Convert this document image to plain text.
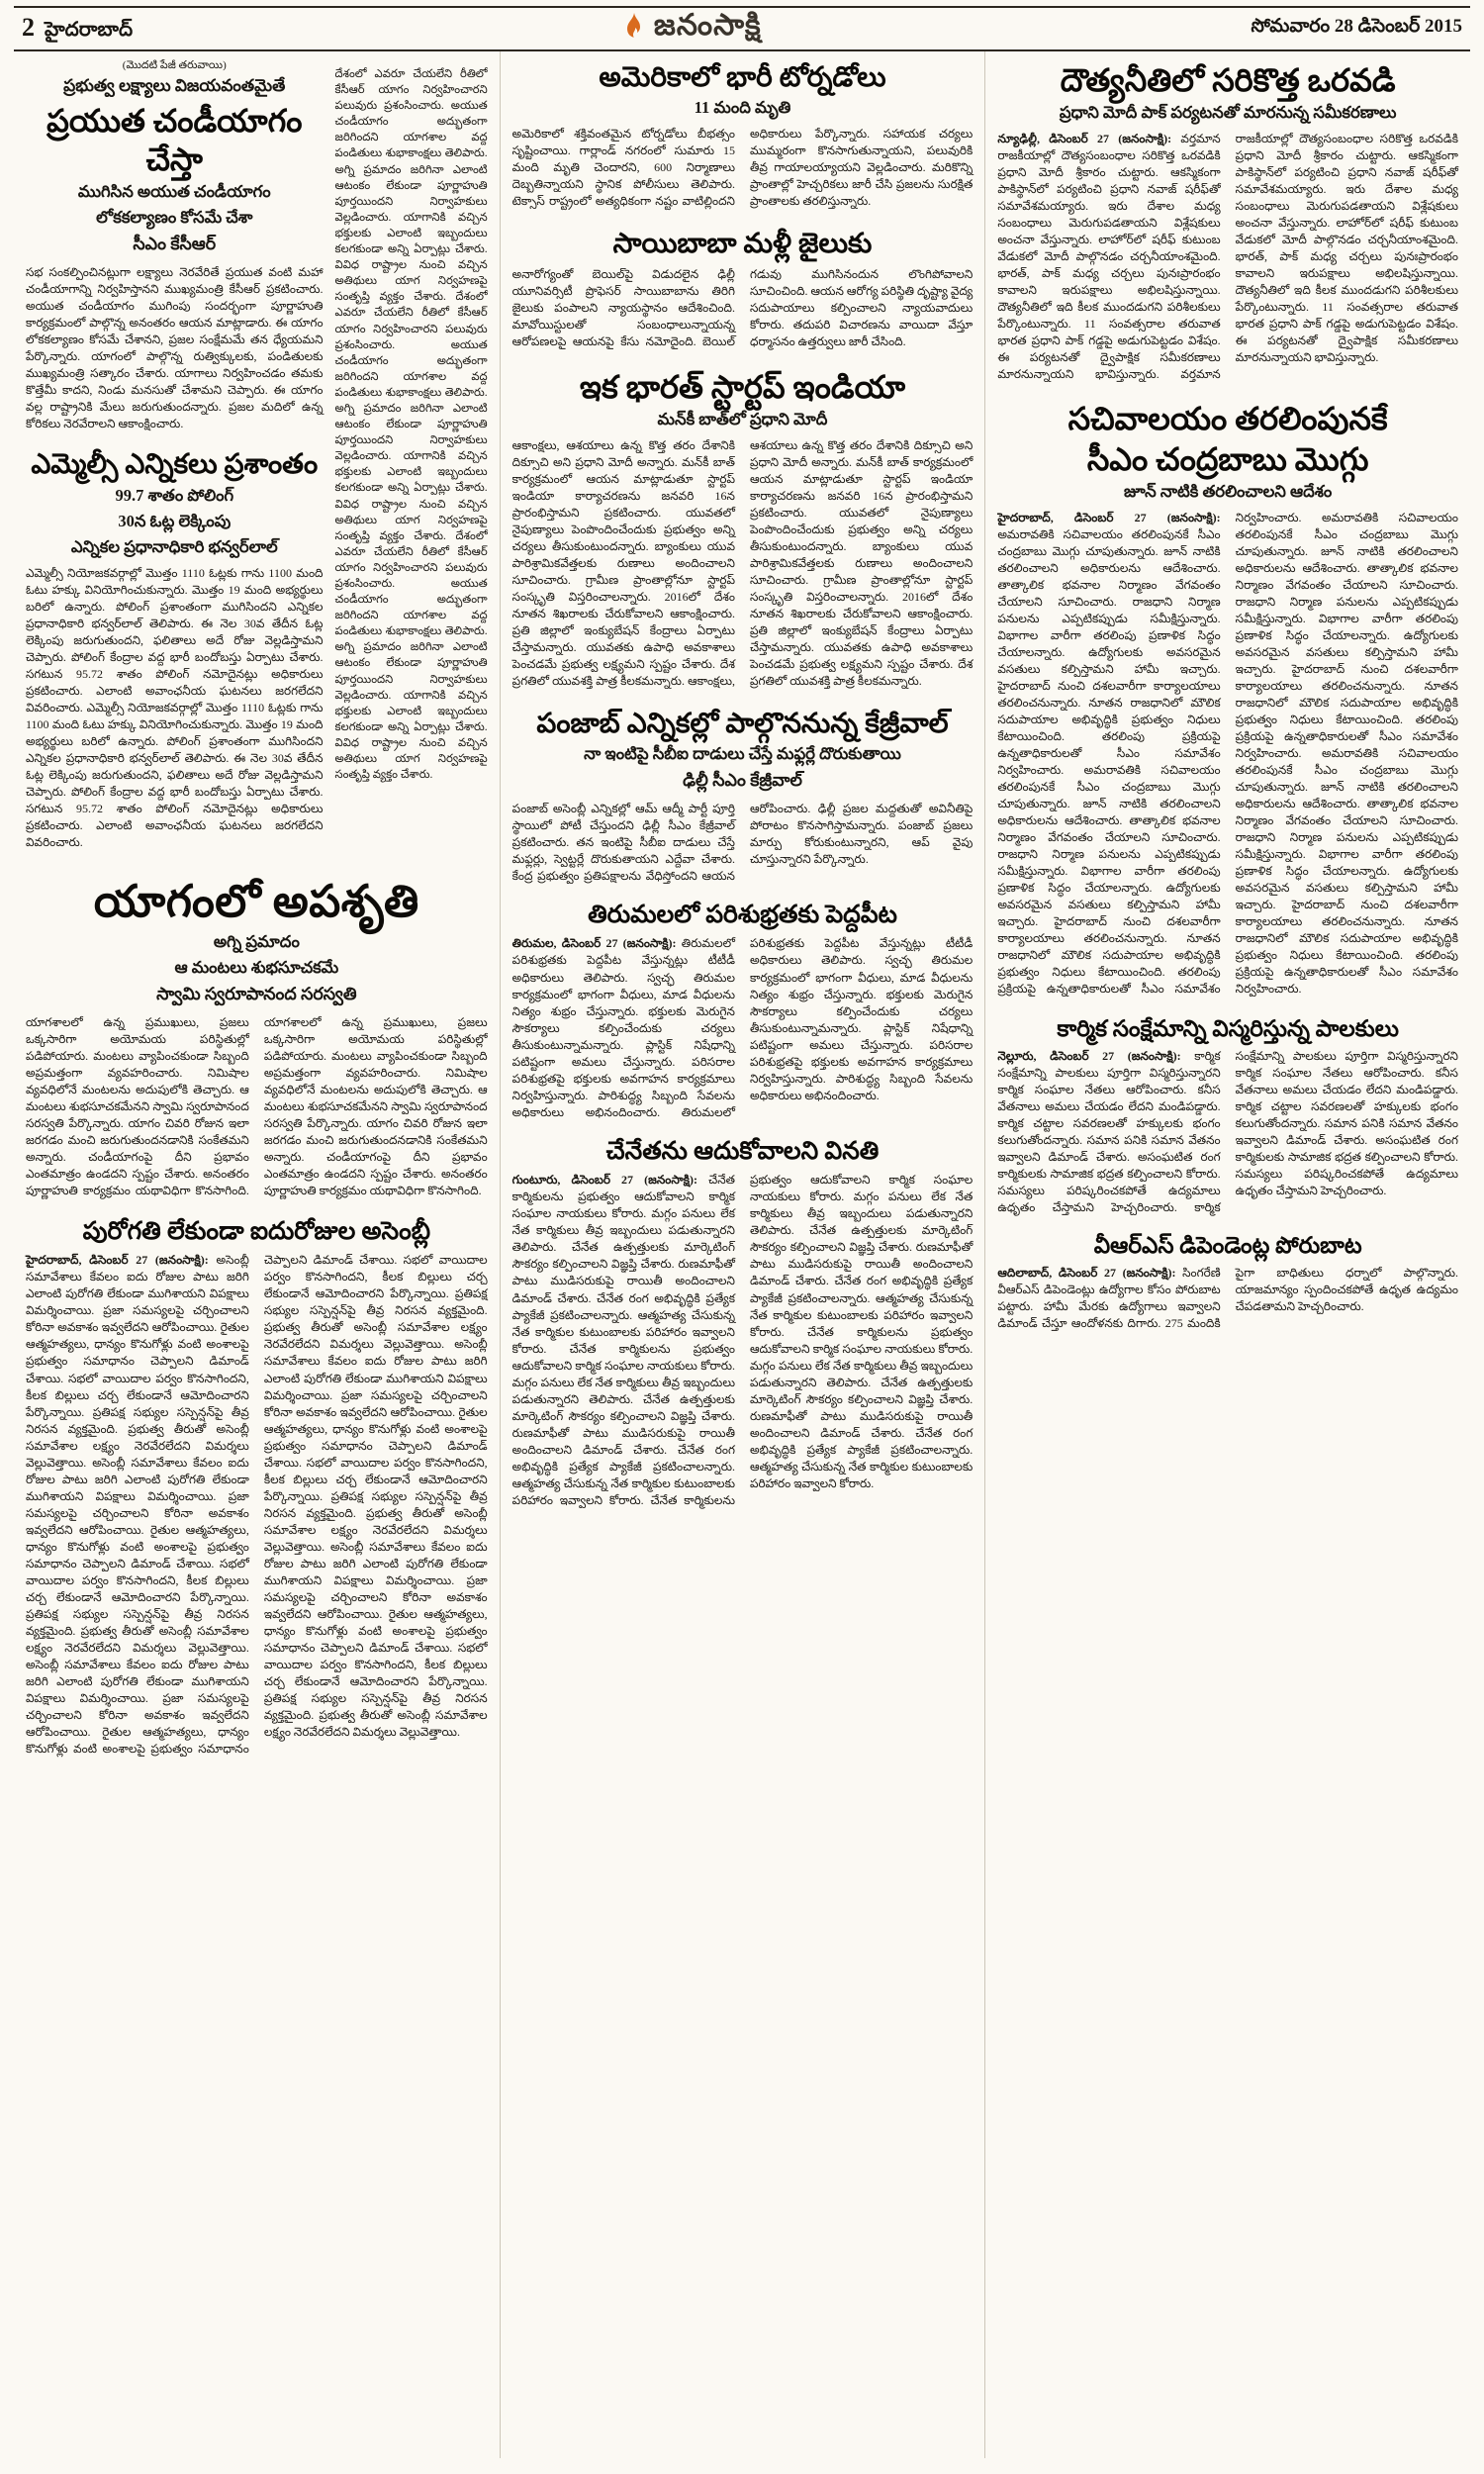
2 హైదరాబాద్	జనంసాక్షి	సోమవారం 28 డిసెంబర్ 2015

(మొదటి పేజీ తరువాయి)

ప్రభుత్వ లక్ష్యాలు విజయవంతమైతే

ప్రయుత చండీయాగం చేస్తా

ముగిసిన అయుత చండీయాగం

లోకకల్యాణం కోసమే చేశా

సీఎం కేసీఆర్

సభ సంకల్పించినట్లుగా లక్ష్యాలు నెరవేరితే ప్రయుత వంటి మహా చండీయాగాన్ని నిర్వహిస్తానని ముఖ్యమంత్రి కేసీఆర్ ప్రకటించారు. అయుత చండీయాగం ముగింపు సందర్భంగా పూర్ణాహుతి కార్యక్రమంలో పాల్గొన్న అనంతరం ఆయన మాట్లాడారు. ఈ యాగం లోకకల్యాణం కోసమే చేశానని, ప్రజల సంక్షేమమే తన ధ్యేయమని పేర్కొన్నారు. యాగంలో పాల్గొన్న రుత్విక్కులకు, పండితులకు ముఖ్యమంత్రి సత్కారం చేశారు. యాగాలు నిర్వహించడం తమకు కొత్తేమీ కాదని, నిండు మనసుతో చేశామని చెప్పారు. ఈ యాగం వల్ల రాష్ట్రానికి మేలు జరుగుతుందన్నారు. ప్రజల మదిలో ఉన్న కోరికలు నెరవేరాలని ఆకాంక్షించారు.

ఎమ్మెల్సీ ఎన్నికలు ప్రశాంతం

99.7 శాతం పోలింగ్

30న ఓట్ల లెక్కింపు

ఎన్నికల ప్రధానాధికారి భన్వర్‌లాల్

ఎమ్మెల్సీ నియోజకవర్గాల్లో మొత్తం 1110 ఓట్లకు గాను 1100 మంది ఓటు హక్కు వినియోగించుకున్నారు. మొత్తం 19 మంది అభ్యర్థులు బరిలో ఉన్నారు. పోలింగ్ ప్రశాంతంగా ముగిసిందని ఎన్నికల ప్రధానాధికారి భన్వర్‌లాల్ తెలిపారు. ఈ నెల 30వ తేదీన ఓట్ల లెక్కింపు జరుగుతుందని, ఫలితాలు అదే రోజు వెల్లడిస్తామని చెప్పారు. పోలింగ్ కేంద్రాల వద్ద భారీ బందోబస్తు ఏర్పాటు చేశారు. సగటున 95.72 శాతం పోలింగ్ నమోదైనట్లు అధికారులు ప్రకటించారు. ఎలాంటి అవాంఛనీయ ఘటనలు జరగలేదని వివరించారు. ఎమ్మెల్సీ నియోజకవర్గాల్లో మొత్తం 1110 ఓట్లకు గాను 1100 మంది ఓటు హక్కు వినియోగించుకున్నారు. మొత్తం 19 మంది అభ్యర్థులు బరిలో ఉన్నారు. పోలింగ్ ప్రశాంతంగా ముగిసిందని ఎన్నికల ప్రధానాధికారి భన్వర్‌లాల్ తెలిపారు. ఈ నెల 30వ తేదీన ఓట్ల లెక్కింపు జరుగుతుందని, ఫలితాలు అదే రోజు వెల్లడిస్తామని చెప్పారు. పోలింగ్ కేంద్రాల వద్ద భారీ బందోబస్తు ఏర్పాటు చేశారు. సగటున 95.72 శాతం పోలింగ్ నమోదైనట్లు అధికారులు ప్రకటించారు. ఎలాంటి అవాంఛనీయ ఘటనలు జరగలేదని వివరించారు.

దేశంలో ఎవరూ చేయలేని రీతిలో కేసీఆర్ యాగం నిర్వహించారని పలువురు ప్రశంసించారు. అయుత చండీయాగం అద్భుతంగా జరిగిందని యాగశాల వద్ద పండితులు శుభాకాంక్షలు తెలిపారు. అగ్ని ప్రమాదం జరిగినా ఎలాంటి ఆటంకం లేకుండా పూర్ణాహుతి పూర్తయిందని నిర్వాహకులు వెల్లడించారు. యాగానికి వచ్చిన భక్తులకు ఎలాంటి ఇబ్బందులు కలగకుండా అన్ని ఏర్పాట్లు చేశారు. వివిధ రాష్ట్రాల నుంచి వచ్చిన అతిథులు యాగ నిర్వహణపై సంతృప్తి వ్యక్తం చేశారు. దేశంలో ఎవరూ చేయలేని రీతిలో కేసీఆర్ యాగం నిర్వహించారని పలువురు ప్రశంసించారు. అయుత చండీయాగం అద్భుతంగా జరిగిందని యాగశాల వద్ద పండితులు శుభాకాంక్షలు తెలిపారు. అగ్ని ప్రమాదం జరిగినా ఎలాంటి ఆటంకం లేకుండా పూర్ణాహుతి పూర్తయిందని నిర్వాహకులు వెల్లడించారు. యాగానికి వచ్చిన భక్తులకు ఎలాంటి ఇబ్బందులు కలగకుండా అన్ని ఏర్పాట్లు చేశారు. వివిధ రాష్ట్రాల నుంచి వచ్చిన అతిథులు యాగ నిర్వహణపై సంతృప్తి వ్యక్తం చేశారు. దేశంలో ఎవరూ చేయలేని రీతిలో కేసీఆర్ యాగం నిర్వహించారని పలువురు ప్రశంసించారు. అయుత చండీయాగం అద్భుతంగా జరిగిందని యాగశాల వద్ద పండితులు శుభాకాంక్షలు తెలిపారు. అగ్ని ప్రమాదం జరిగినా ఎలాంటి ఆటంకం లేకుండా పూర్ణాహుతి పూర్తయిందని నిర్వాహకులు వెల్లడించారు. యాగానికి వచ్చిన భక్తులకు ఎలాంటి ఇబ్బందులు కలగకుండా అన్ని ఏర్పాట్లు చేశారు. వివిధ రాష్ట్రాల నుంచి వచ్చిన అతిథులు యాగ నిర్వహణపై సంతృప్తి వ్యక్తం చేశారు.

యాగంలో అపశృతి

అగ్ని ప్రమాదం

ఆ మంటలు శుభసూచకమే

స్వామి స్వరూపానంద సరస్వతి

యాగశాలలో ఉన్న ప్రముఖులు, ప్రజలు ఒక్కసారిగా అయోమయ పరిస్థితుల్లో పడిపోయారు. మంటలు వ్యాపించకుండా సిబ్బంది అప్రమత్తంగా వ్యవహరించారు. నిమిషాల వ్యవధిలోనే మంటలను అదుపులోకి తెచ్చారు. ఆ మంటలు శుభసూచకమేనని స్వామి స్వరూపానంద సరస్వతి పేర్కొన్నారు. యాగం చివరి రోజున ఇలా జరగడం మంచి జరుగుతుందనడానికి సంకేతమని అన్నారు. చండీయాగంపై దీని ప్రభావం ఎంతమాత్రం ఉండదని స్పష్టం చేశారు. అనంతరం పూర్ణాహుతి కార్యక్రమం యథావిధిగా కొనసాగింది. యాగశాలలో ఉన్న ప్రముఖులు, ప్రజలు ఒక్కసారిగా అయోమయ పరిస్థితుల్లో పడిపోయారు. మంటలు వ్యాపించకుండా సిబ్బంది అప్రమత్తంగా వ్యవహరించారు. నిమిషాల వ్యవధిలోనే మంటలను అదుపులోకి తెచ్చారు. ఆ మంటలు శుభసూచకమేనని స్వామి స్వరూపానంద సరస్వతి పేర్కొన్నారు. యాగం చివరి రోజున ఇలా జరగడం మంచి జరుగుతుందనడానికి సంకేతమని అన్నారు. చండీయాగంపై దీని ప్రభావం ఎంతమాత్రం ఉండదని స్పష్టం చేశారు. అనంతరం పూర్ణాహుతి కార్యక్రమం యథావిధిగా కొనసాగింది.

పురోగతి లేకుండా ఐదురోజుల అసెంబ్లీ

హైదరాబాద్, డిసెంబర్ 27 (జనంసాక్షి): అసెంబ్లీ సమావేశాలు కేవలం ఐదు రోజుల పాటు జరిగి ఎలాంటి పురోగతి లేకుండా ముగిశాయని విపక్షాలు విమర్శించాయి. ప్రజా సమస్యలపై చర్చించాలని కోరినా అవకాశం ఇవ్వలేదని ఆరోపించాయి. రైతుల ఆత్మహత్యలు, ధాన్యం కొనుగోళ్లు వంటి అంశాలపై ప్రభుత్వం సమాధానం చెప్పాలని డిమాండ్ చేశాయి. సభలో వాయిదాల పర్వం కొనసాగిందని, కీలక బిల్లులు చర్చ లేకుండానే ఆమోదించారని పేర్కొన్నాయి. ప్రతిపక్ష సభ్యుల సస్పెన్షన్‌పై తీవ్ర నిరసన వ్యక్తమైంది. ప్రభుత్వ తీరుతో అసెంబ్లీ సమావేశాల లక్ష్యం నెరవేరలేదని విమర్శలు వెల్లువెత్తాయి. అసెంబ్లీ సమావేశాలు కేవలం ఐదు రోజుల పాటు జరిగి ఎలాంటి పురోగతి లేకుండా ముగిశాయని విపక్షాలు విమర్శించాయి. ప్రజా సమస్యలపై చర్చించాలని కోరినా అవకాశం ఇవ్వలేదని ఆరోపించాయి. రైతుల ఆత్మహత్యలు, ధాన్యం కొనుగోళ్లు వంటి అంశాలపై ప్రభుత్వం సమాధానం చెప్పాలని డిమాండ్ చేశాయి. సభలో వాయిదాల పర్వం కొనసాగిందని, కీలక బిల్లులు చర్చ లేకుండానే ఆమోదించారని పేర్కొన్నాయి. ప్రతిపక్ష సభ్యుల సస్పెన్షన్‌పై తీవ్ర నిరసన వ్యక్తమైంది. ప్రభుత్వ తీరుతో అసెంబ్లీ సమావేశాల లక్ష్యం నెరవేరలేదని విమర్శలు వెల్లువెత్తాయి. అసెంబ్లీ సమావేశాలు కేవలం ఐదు రోజుల పాటు జరిగి ఎలాంటి పురోగతి లేకుండా ముగిశాయని విపక్షాలు విమర్శించాయి. ప్రజా సమస్యలపై చర్చించాలని కోరినా అవకాశం ఇవ్వలేదని ఆరోపించాయి. రైతుల ఆత్మహత్యలు, ధాన్యం కొనుగోళ్లు వంటి అంశాలపై ప్రభుత్వం సమాధానం చెప్పాలని డిమాండ్ చేశాయి. సభలో వాయిదాల పర్వం కొనసాగిందని, కీలక బిల్లులు చర్చ లేకుండానే ఆమోదించారని పేర్కొన్నాయి. ప్రతిపక్ష సభ్యుల సస్పెన్షన్‌పై తీవ్ర నిరసన వ్యక్తమైంది. ప్రభుత్వ తీరుతో అసెంబ్లీ సమావేశాల లక్ష్యం నెరవేరలేదని విమర్శలు వెల్లువెత్తాయి. అసెంబ్లీ సమావేశాలు కేవలం ఐదు రోజుల పాటు జరిగి ఎలాంటి పురోగతి లేకుండా ముగిశాయని విపక్షాలు విమర్శించాయి. ప్రజా సమస్యలపై చర్చించాలని కోరినా అవకాశం ఇవ్వలేదని ఆరోపించాయి. రైతుల ఆత్మహత్యలు, ధాన్యం కొనుగోళ్లు వంటి అంశాలపై ప్రభుత్వం సమాధానం చెప్పాలని డిమాండ్ చేశాయి. సభలో వాయిదాల పర్వం కొనసాగిందని, కీలక బిల్లులు చర్చ లేకుండానే ఆమోదించారని పేర్కొన్నాయి. ప్రతిపక్ష సభ్యుల సస్పెన్షన్‌పై తీవ్ర నిరసన వ్యక్తమైంది. ప్రభుత్వ తీరుతో అసెంబ్లీ సమావేశాల లక్ష్యం నెరవేరలేదని విమర్శలు వెల్లువెత్తాయి. అసెంబ్లీ సమావేశాలు కేవలం ఐదు రోజుల పాటు జరిగి ఎలాంటి పురోగతి లేకుండా ముగిశాయని విపక్షాలు విమర్శించాయి. ప్రజా సమస్యలపై చర్చించాలని కోరినా అవకాశం ఇవ్వలేదని ఆరోపించాయి. రైతుల ఆత్మహత్యలు, ధాన్యం కొనుగోళ్లు వంటి అంశాలపై ప్రభుత్వం సమాధానం చెప్పాలని డిమాండ్ చేశాయి. సభలో వాయిదాల పర్వం కొనసాగిందని, కీలక బిల్లులు చర్చ లేకుండానే ఆమోదించారని పేర్కొన్నాయి. ప్రతిపక్ష సభ్యుల సస్పెన్షన్‌పై తీవ్ర నిరసన వ్యక్తమైంది. ప్రభుత్వ తీరుతో అసెంబ్లీ సమావేశాల లక్ష్యం నెరవేరలేదని విమర్శలు వెల్లువెత్తాయి.

అమెరికాలో భారీ టోర్నడోలు

11 మంది మృతి

అమెరికాలో శక్తివంతమైన టోర్నడోలు బీభత్సం సృష్టించాయి. గార్లాండ్ నగరంలో సుమారు 15 మంది మృతి చెందారని, 600 నిర్మాణాలు దెబ్బతిన్నాయని స్థానిక పోలీసులు తెలిపారు. టెక్సాస్ రాష్ట్రంలో అత్యధికంగా నష్టం వాటిల్లిందని అధికారులు పేర్కొన్నారు. సహాయక చర్యలు ముమ్మరంగా కొనసాగుతున్నాయని, పలువురికి తీవ్ర గాయాలయ్యాయని వెల్లడించారు. మరికొన్ని ప్రాంతాల్లో హెచ్చరికలు జారీ చేసి ప్రజలను సురక్షిత ప్రాంతాలకు తరలిస్తున్నారు.

సాయిబాబా మళ్లీ జైలుకు

అనారోగ్యంతో బెయిల్‌పై విడుదలైన ఢిల్లీ యూనివర్సిటీ ప్రొఫెసర్ సాయిబాబాను తిరిగి జైలుకు పంపాలని న్యాయస్థానం ఆదేశించింది. మావోయిస్టులతో సంబంధాలున్నాయన్న ఆరోపణలపై ఆయనపై కేసు నమోదైంది. బెయిల్ గడువు ముగిసినందున లొంగిపోవాలని సూచించింది. ఆయన ఆరోగ్య పరిస్థితి దృష్ట్యా వైద్య సదుపాయాలు కల్పించాలని న్యాయవాదులు కోరారు. తదుపరి విచారణను వాయిదా వేస్తూ ధర్మాసనం ఉత్తర్వులు జారీ చేసింది.

ఇక భారత్ స్టార్టప్ ఇండియా

మన్‌కీ బాత్‌లో ప్రధాని మోదీ

ఆకాంక్షలు, ఆశయాలు ఉన్న కొత్త తరం దేశానికి దిక్సూచి అని ప్రధాని మోదీ అన్నారు. మన్‌కీ బాత్ కార్యక్రమంలో ఆయన మాట్లాడుతూ స్టార్టప్ ఇండియా కార్యాచరణను జనవరి 16న ప్రారంభిస్తామని ప్రకటించారు. యువతలో నైపుణ్యాలు పెంపొందించేందుకు ప్రభుత్వం అన్ని చర్యలు తీసుకుంటుందన్నారు. బ్యాంకులు యువ పారిశ్రామికవేత్తలకు రుణాలు అందించాలని సూచించారు. గ్రామీణ ప్రాంతాల్లోనూ స్టార్టప్ సంస్కృతి విస్తరించాలన్నారు. 2016లో దేశం నూతన శిఖరాలకు చేరుకోవాలని ఆకాంక్షించారు. ప్రతి జిల్లాలో ఇంక్యుబేషన్ కేంద్రాలు ఏర్పాటు చేస్తామన్నారు. యువతకు ఉపాధి అవకాశాలు పెంచడమే ప్రభుత్వ లక్ష్యమని స్పష్టం చేశారు. దేశ ప్రగతిలో యువశక్తి పాత్ర కీలకమన్నారు. ఆకాంక్షలు, ఆశయాలు ఉన్న కొత్త తరం దేశానికి దిక్సూచి అని ప్రధాని మోదీ అన్నారు. మన్‌కీ బాత్ కార్యక్రమంలో ఆయన మాట్లాడుతూ స్టార్టప్ ఇండియా కార్యాచరణను జనవరి 16న ప్రారంభిస్తామని ప్రకటించారు. యువతలో నైపుణ్యాలు పెంపొందించేందుకు ప్రభుత్వం అన్ని చర్యలు తీసుకుంటుందన్నారు. బ్యాంకులు యువ పారిశ్రామికవేత్తలకు రుణాలు అందించాలని సూచించారు. గ్రామీణ ప్రాంతాల్లోనూ స్టార్టప్ సంస్కృతి విస్తరించాలన్నారు. 2016లో దేశం నూతన శిఖరాలకు చేరుకోవాలని ఆకాంక్షించారు. ప్రతి జిల్లాలో ఇంక్యుబేషన్ కేంద్రాలు ఏర్పాటు చేస్తామన్నారు. యువతకు ఉపాధి అవకాశాలు పెంచడమే ప్రభుత్వ లక్ష్యమని స్పష్టం చేశారు. దేశ ప్రగతిలో యువశక్తి పాత్ర కీలకమన్నారు.

పంజాబ్ ఎన్నికల్లో పాల్గొననున్న కేజ్రీవాల్

నా ఇంటిపై సీబీఐ దాడులు చేస్తే మఫ్లర్లే దొరుకుతాయి

ఢిల్లీ సీఎం కేజ్రీవాల్

పంజాబ్ అసెంబ్లీ ఎన్నికల్లో ఆమ్ ఆద్మీ పార్టీ పూర్తి స్థాయిలో పోటీ చేస్తుందని ఢిల్లీ సీఎం కేజ్రీవాల్ ప్రకటించారు. తన ఇంటిపై సీబీఐ దాడులు చేస్తే మఫ్లర్లు, స్వెట్టర్లే దొరుకుతాయని ఎద్దేవా చేశారు. కేంద్ర ప్రభుత్వం ప్రతిపక్షాలను వేధిస్తోందని ఆయన ఆరోపించారు. ఢిల్లీ ప్రజల మద్దతుతో అవినీతిపై పోరాటం కొనసాగిస్తామన్నారు. పంజాబ్ ప్రజలు మార్పు కోరుకుంటున్నారని, ఆప్ వైపు చూస్తున్నారని పేర్కొన్నారు.

తిరుమలలో పరిశుభ్రతకు పెద్దపీట

తిరుమల, డిసెంబర్ 27 (జనంసాక్షి): తిరుమలలో పరిశుభ్రతకు పెద్దపీట వేస్తున్నట్లు టీటీడీ అధికారులు తెలిపారు. స్వచ్ఛ తిరుమల కార్యక్రమంలో భాగంగా వీధులు, మాడ వీధులను నిత్యం శుభ్రం చేస్తున్నారు. భక్తులకు మెరుగైన సౌకర్యాలు కల్పించేందుకు చర్యలు తీసుకుంటున్నామన్నారు. ప్లాస్టిక్ నిషేధాన్ని పటిష్టంగా అమలు చేస్తున్నారు. పరిసరాల పరిశుభ్రతపై భక్తులకు అవగాహన కార్యక్రమాలు నిర్వహిస్తున్నారు. పారిశుద్ధ్య సిబ్బంది సేవలను అధికారులు అభినందించారు. తిరుమలలో పరిశుభ్రతకు పెద్దపీట వేస్తున్నట్లు టీటీడీ అధికారులు తెలిపారు. స్వచ్ఛ తిరుమల కార్యక్రమంలో భాగంగా వీధులు, మాడ వీధులను నిత్యం శుభ్రం చేస్తున్నారు. భక్తులకు మెరుగైన సౌకర్యాలు కల్పించేందుకు చర్యలు తీసుకుంటున్నామన్నారు. ప్లాస్టిక్ నిషేధాన్ని పటిష్టంగా అమలు చేస్తున్నారు. పరిసరాల పరిశుభ్రతపై భక్తులకు అవగాహన కార్యక్రమాలు నిర్వహిస్తున్నారు. పారిశుద్ధ్య సిబ్బంది సేవలను అధికారులు అభినందించారు.

చేనేతను ఆదుకోవాలని వినతి

గుంటూరు, డిసెంబర్ 27 (జనంసాక్షి): చేనేత కార్మికులను ప్రభుత్వం ఆదుకోవాలని కార్మిక సంఘాల నాయకులు కోరారు. మగ్గం పనులు లేక నేత కార్మికులు తీవ్ర ఇబ్బందులు పడుతున్నారని తెలిపారు. చేనేత ఉత్పత్తులకు మార్కెటింగ్ సౌకర్యం కల్పించాలని విజ్ఞప్తి చేశారు. రుణమాఫీతో పాటు ముడిసరుకుపై రాయితీ అందించాలని డిమాండ్ చేశారు. చేనేత రంగ అభివృద్ధికి ప్రత్యేక ప్యాకేజీ ప్రకటించాలన్నారు. ఆత్మహత్య చేసుకున్న నేత కార్మికుల కుటుంబాలకు పరిహారం ఇవ్వాలని కోరారు. చేనేత కార్మికులను ప్రభుత్వం ఆదుకోవాలని కార్మిక సంఘాల నాయకులు కోరారు. మగ్గం పనులు లేక నేత కార్మికులు తీవ్ర ఇబ్బందులు పడుతున్నారని తెలిపారు. చేనేత ఉత్పత్తులకు మార్కెటింగ్ సౌకర్యం కల్పించాలని విజ్ఞప్తి చేశారు. రుణమాఫీతో పాటు ముడిసరుకుపై రాయితీ అందించాలని డిమాండ్ చేశారు. చేనేత రంగ అభివృద్ధికి ప్రత్యేక ప్యాకేజీ ప్రకటించాలన్నారు. ఆత్మహత్య చేసుకున్న నేత కార్మికుల కుటుంబాలకు పరిహారం ఇవ్వాలని కోరారు. చేనేత కార్మికులను ప్రభుత్వం ఆదుకోవాలని కార్మిక సంఘాల నాయకులు కోరారు. మగ్గం పనులు లేక నేత కార్మికులు తీవ్ర ఇబ్బందులు పడుతున్నారని తెలిపారు. చేనేత ఉత్పత్తులకు మార్కెటింగ్ సౌకర్యం కల్పించాలని విజ్ఞప్తి చేశారు. రుణమాఫీతో పాటు ముడిసరుకుపై రాయితీ అందించాలని డిమాండ్ చేశారు. చేనేత రంగ అభివృద్ధికి ప్రత్యేక ప్యాకేజీ ప్రకటించాలన్నారు. ఆత్మహత్య చేసుకున్న నేత కార్మికుల కుటుంబాలకు పరిహారం ఇవ్వాలని కోరారు. చేనేత కార్మికులను ప్రభుత్వం ఆదుకోవాలని కార్మిక సంఘాల నాయకులు కోరారు. మగ్గం పనులు లేక నేత కార్మికులు తీవ్ర ఇబ్బందులు పడుతున్నారని తెలిపారు. చేనేత ఉత్పత్తులకు మార్కెటింగ్ సౌకర్యం కల్పించాలని విజ్ఞప్తి చేశారు. రుణమాఫీతో పాటు ముడిసరుకుపై రాయితీ అందించాలని డిమాండ్ చేశారు. చేనేత రంగ అభివృద్ధికి ప్రత్యేక ప్యాకేజీ ప్రకటించాలన్నారు. ఆత్మహత్య చేసుకున్న నేత కార్మికుల కుటుంబాలకు పరిహారం ఇవ్వాలని కోరారు.

దౌత్యనీతిలో సరికొత్త ఒరవడి

ప్రధాని మోదీ పాక్ పర్యటనతో మారనున్న సమీకరణాలు

న్యూఢిల్లీ, డిసెంబర్ 27 (జనంసాక్షి): వర్తమాన రాజకీయాల్లో దౌత్యసంబంధాల సరికొత్త ఒరవడికి ప్రధాని మోదీ శ్రీకారం చుట్టారు. ఆకస్మికంగా పాకిస్థాన్‌లో పర్యటించి ప్రధాని నవాజ్ షరీఫ్‌తో సమావేశమయ్యారు. ఇరు దేశాల మధ్య సంబంధాలు మెరుగుపడతాయని విశ్లేషకులు అంచనా వేస్తున్నారు. లాహోర్‌లో షరీఫ్ కుటుంబ వేడుకలో మోదీ పాల్గొనడం చర్చనీయాంశమైంది. భారత్, పాక్ మధ్య చర్చలు పునఃప్రారంభం కావాలని ఇరుపక్షాలు అభిలషిస్తున్నాయి. దౌత్యనీతిలో ఇది కీలక ముందడుగని పరిశీలకులు పేర్కొంటున్నారు. 11 సంవత్సరాల తరువాత భారత ప్రధాని పాక్ గడ్డపై అడుగుపెట్టడం విశేషం. ఈ పర్యటనతో ద్వైపాక్షిక సమీకరణాలు మారనున్నాయని భావిస్తున్నారు. వర్తమాన రాజకీయాల్లో దౌత్యసంబంధాల సరికొత్త ఒరవడికి ప్రధాని మోదీ శ్రీకారం చుట్టారు. ఆకస్మికంగా పాకిస్థాన్‌లో పర్యటించి ప్రధాని నవాజ్ షరీఫ్‌తో సమావేశమయ్యారు. ఇరు దేశాల మధ్య సంబంధాలు మెరుగుపడతాయని విశ్లేషకులు అంచనా వేస్తున్నారు. లాహోర్‌లో షరీఫ్ కుటుంబ వేడుకలో మోదీ పాల్గొనడం చర్చనీయాంశమైంది. భారత్, పాక్ మధ్య చర్చలు పునఃప్రారంభం కావాలని ఇరుపక్షాలు అభిలషిస్తున్నాయి. దౌత్యనీతిలో ఇది కీలక ముందడుగని పరిశీలకులు పేర్కొంటున్నారు. 11 సంవత్సరాల తరువాత భారత ప్రధాని పాక్ గడ్డపై అడుగుపెట్టడం విశేషం. ఈ పర్యటనతో ద్వైపాక్షిక సమీకరణాలు మారనున్నాయని భావిస్తున్నారు.

సచివాలయం తరలింపునకే
సీఎం చంద్రబాబు మొగ్గు

జూన్ నాటికి తరలించాలని ఆదేశం

హైదరాబాద్, డిసెంబర్ 27 (జనంసాక్షి): అమరావతికి సచివాలయం తరలింపునకే సీఎం చంద్రబాబు మొగ్గు చూపుతున్నారు. జూన్ నాటికి తరలించాలని అధికారులను ఆదేశించారు. తాత్కాలిక భవనాల నిర్మాణం వేగవంతం చేయాలని సూచించారు. రాజధాని నిర్మాణ పనులను ఎప్పటికప్పుడు సమీక్షిస్తున్నారు. విభాగాల వారీగా తరలింపు ప్రణాళిక సిద్ధం చేయాలన్నారు. ఉద్యోగులకు అవసరమైన వసతులు కల్పిస్తామని హామీ ఇచ్చారు. హైదరాబాద్ నుంచి దశలవారీగా కార్యాలయాలు తరలించనున్నారు. నూతన రాజధానిలో మౌలిక సదుపాయాల అభివృద్ధికి ప్రభుత్వం నిధులు కేటాయించింది. తరలింపు ప్రక్రియపై ఉన్నతాధికారులతో సీఎం సమావేశం నిర్వహించారు. అమరావతికి సచివాలయం తరలింపునకే సీఎం చంద్రబాబు మొగ్గు చూపుతున్నారు. జూన్ నాటికి తరలించాలని అధికారులను ఆదేశించారు. తాత్కాలిక భవనాల నిర్మాణం వేగవంతం చేయాలని సూచించారు. రాజధాని నిర్మాణ పనులను ఎప్పటికప్పుడు సమీక్షిస్తున్నారు. విభాగాల వారీగా తరలింపు ప్రణాళిక సిద్ధం చేయాలన్నారు. ఉద్యోగులకు అవసరమైన వసతులు కల్పిస్తామని హామీ ఇచ్చారు. హైదరాబాద్ నుంచి దశలవారీగా కార్యాలయాలు తరలించనున్నారు. నూతన రాజధానిలో మౌలిక సదుపాయాల అభివృద్ధికి ప్రభుత్వం నిధులు కేటాయించింది. తరలింపు ప్రక్రియపై ఉన్నతాధికారులతో సీఎం సమావేశం నిర్వహించారు. అమరావతికి సచివాలయం తరలింపునకే సీఎం చంద్రబాబు మొగ్గు చూపుతున్నారు. జూన్ నాటికి తరలించాలని అధికారులను ఆదేశించారు. తాత్కాలిక భవనాల నిర్మాణం వేగవంతం చేయాలని సూచించారు. రాజధాని నిర్మాణ పనులను ఎప్పటికప్పుడు సమీక్షిస్తున్నారు. విభాగాల వారీగా తరలింపు ప్రణాళిక సిద్ధం చేయాలన్నారు. ఉద్యోగులకు అవసరమైన వసతులు కల్పిస్తామని హామీ ఇచ్చారు. హైదరాబాద్ నుంచి దశలవారీగా కార్యాలయాలు తరలించనున్నారు. నూతన రాజధానిలో మౌలిక సదుపాయాల అభివృద్ధికి ప్రభుత్వం నిధులు కేటాయించింది. తరలింపు ప్రక్రియపై ఉన్నతాధికారులతో సీఎం సమావేశం నిర్వహించారు. అమరావతికి సచివాలయం తరలింపునకే సీఎం చంద్రబాబు మొగ్గు చూపుతున్నారు. జూన్ నాటికి తరలించాలని అధికారులను ఆదేశించారు. తాత్కాలిక భవనాల నిర్మాణం వేగవంతం చేయాలని సూచించారు. రాజధాని నిర్మాణ పనులను ఎప్పటికప్పుడు సమీక్షిస్తున్నారు. విభాగాల వారీగా తరలింపు ప్రణాళిక సిద్ధం చేయాలన్నారు. ఉద్యోగులకు అవసరమైన వసతులు కల్పిస్తామని హామీ ఇచ్చారు. హైదరాబాద్ నుంచి దశలవారీగా కార్యాలయాలు తరలించనున్నారు. నూతన రాజధానిలో మౌలిక సదుపాయాల అభివృద్ధికి ప్రభుత్వం నిధులు కేటాయించింది. తరలింపు ప్రక్రియపై ఉన్నతాధికారులతో సీఎం సమావేశం నిర్వహించారు.

కార్మిక సంక్షేమాన్ని విస్మరిస్తున్న పాలకులు

నెల్లూరు, డిసెంబర్ 27 (జనంసాక్షి): కార్మిక సంక్షేమాన్ని పాలకులు పూర్తిగా విస్మరిస్తున్నారని కార్మిక సంఘాల నేతలు ఆరోపించారు. కనీస వేతనాలు అమలు చేయడం లేదని మండిపడ్డారు. కార్మిక చట్టాల సవరణలతో హక్కులకు భంగం కలుగుతోందన్నారు. సమాన పనికి సమాన వేతనం ఇవ్వాలని డిమాండ్ చేశారు. అసంఘటిత రంగ కార్మికులకు సామాజిక భద్రత కల్పించాలని కోరారు. సమస్యలు పరిష్కరించకపోతే ఉద్యమాలు ఉధృతం చేస్తామని హెచ్చరించారు. కార్మిక సంక్షేమాన్ని పాలకులు పూర్తిగా విస్మరిస్తున్నారని కార్మిక సంఘాల నేతలు ఆరోపించారు. కనీస వేతనాలు అమలు చేయడం లేదని మండిపడ్డారు. కార్మిక చట్టాల సవరణలతో హక్కులకు భంగం కలుగుతోందన్నారు. సమాన పనికి సమాన వేతనం ఇవ్వాలని డిమాండ్ చేశారు. అసంఘటిత రంగ కార్మికులకు సామాజిక భద్రత కల్పించాలని కోరారు. సమస్యలు పరిష్కరించకపోతే ఉద్యమాలు ఉధృతం చేస్తామని హెచ్చరించారు.

వీఆర్ఎస్ డిపెండెంట్ల పోరుబాట

ఆదిలాబాద్, డిసెంబర్ 27 (జనంసాక్షి): సింగరేణి వీఆర్ఎస్ డిపెండెంట్లు ఉద్యోగాల కోసం పోరుబాట పట్టారు. హామీ మేరకు ఉద్యోగాలు ఇవ్వాలని డిమాండ్ చేస్తూ ఆందోళనకు దిగారు. 275 మందికి పైగా బాధితులు ధర్నాలో పాల్గొన్నారు. యాజమాన్యం స్పందించకపోతే ఉధృత ఉద్యమం చేపడతామని హెచ్చరించారు.
